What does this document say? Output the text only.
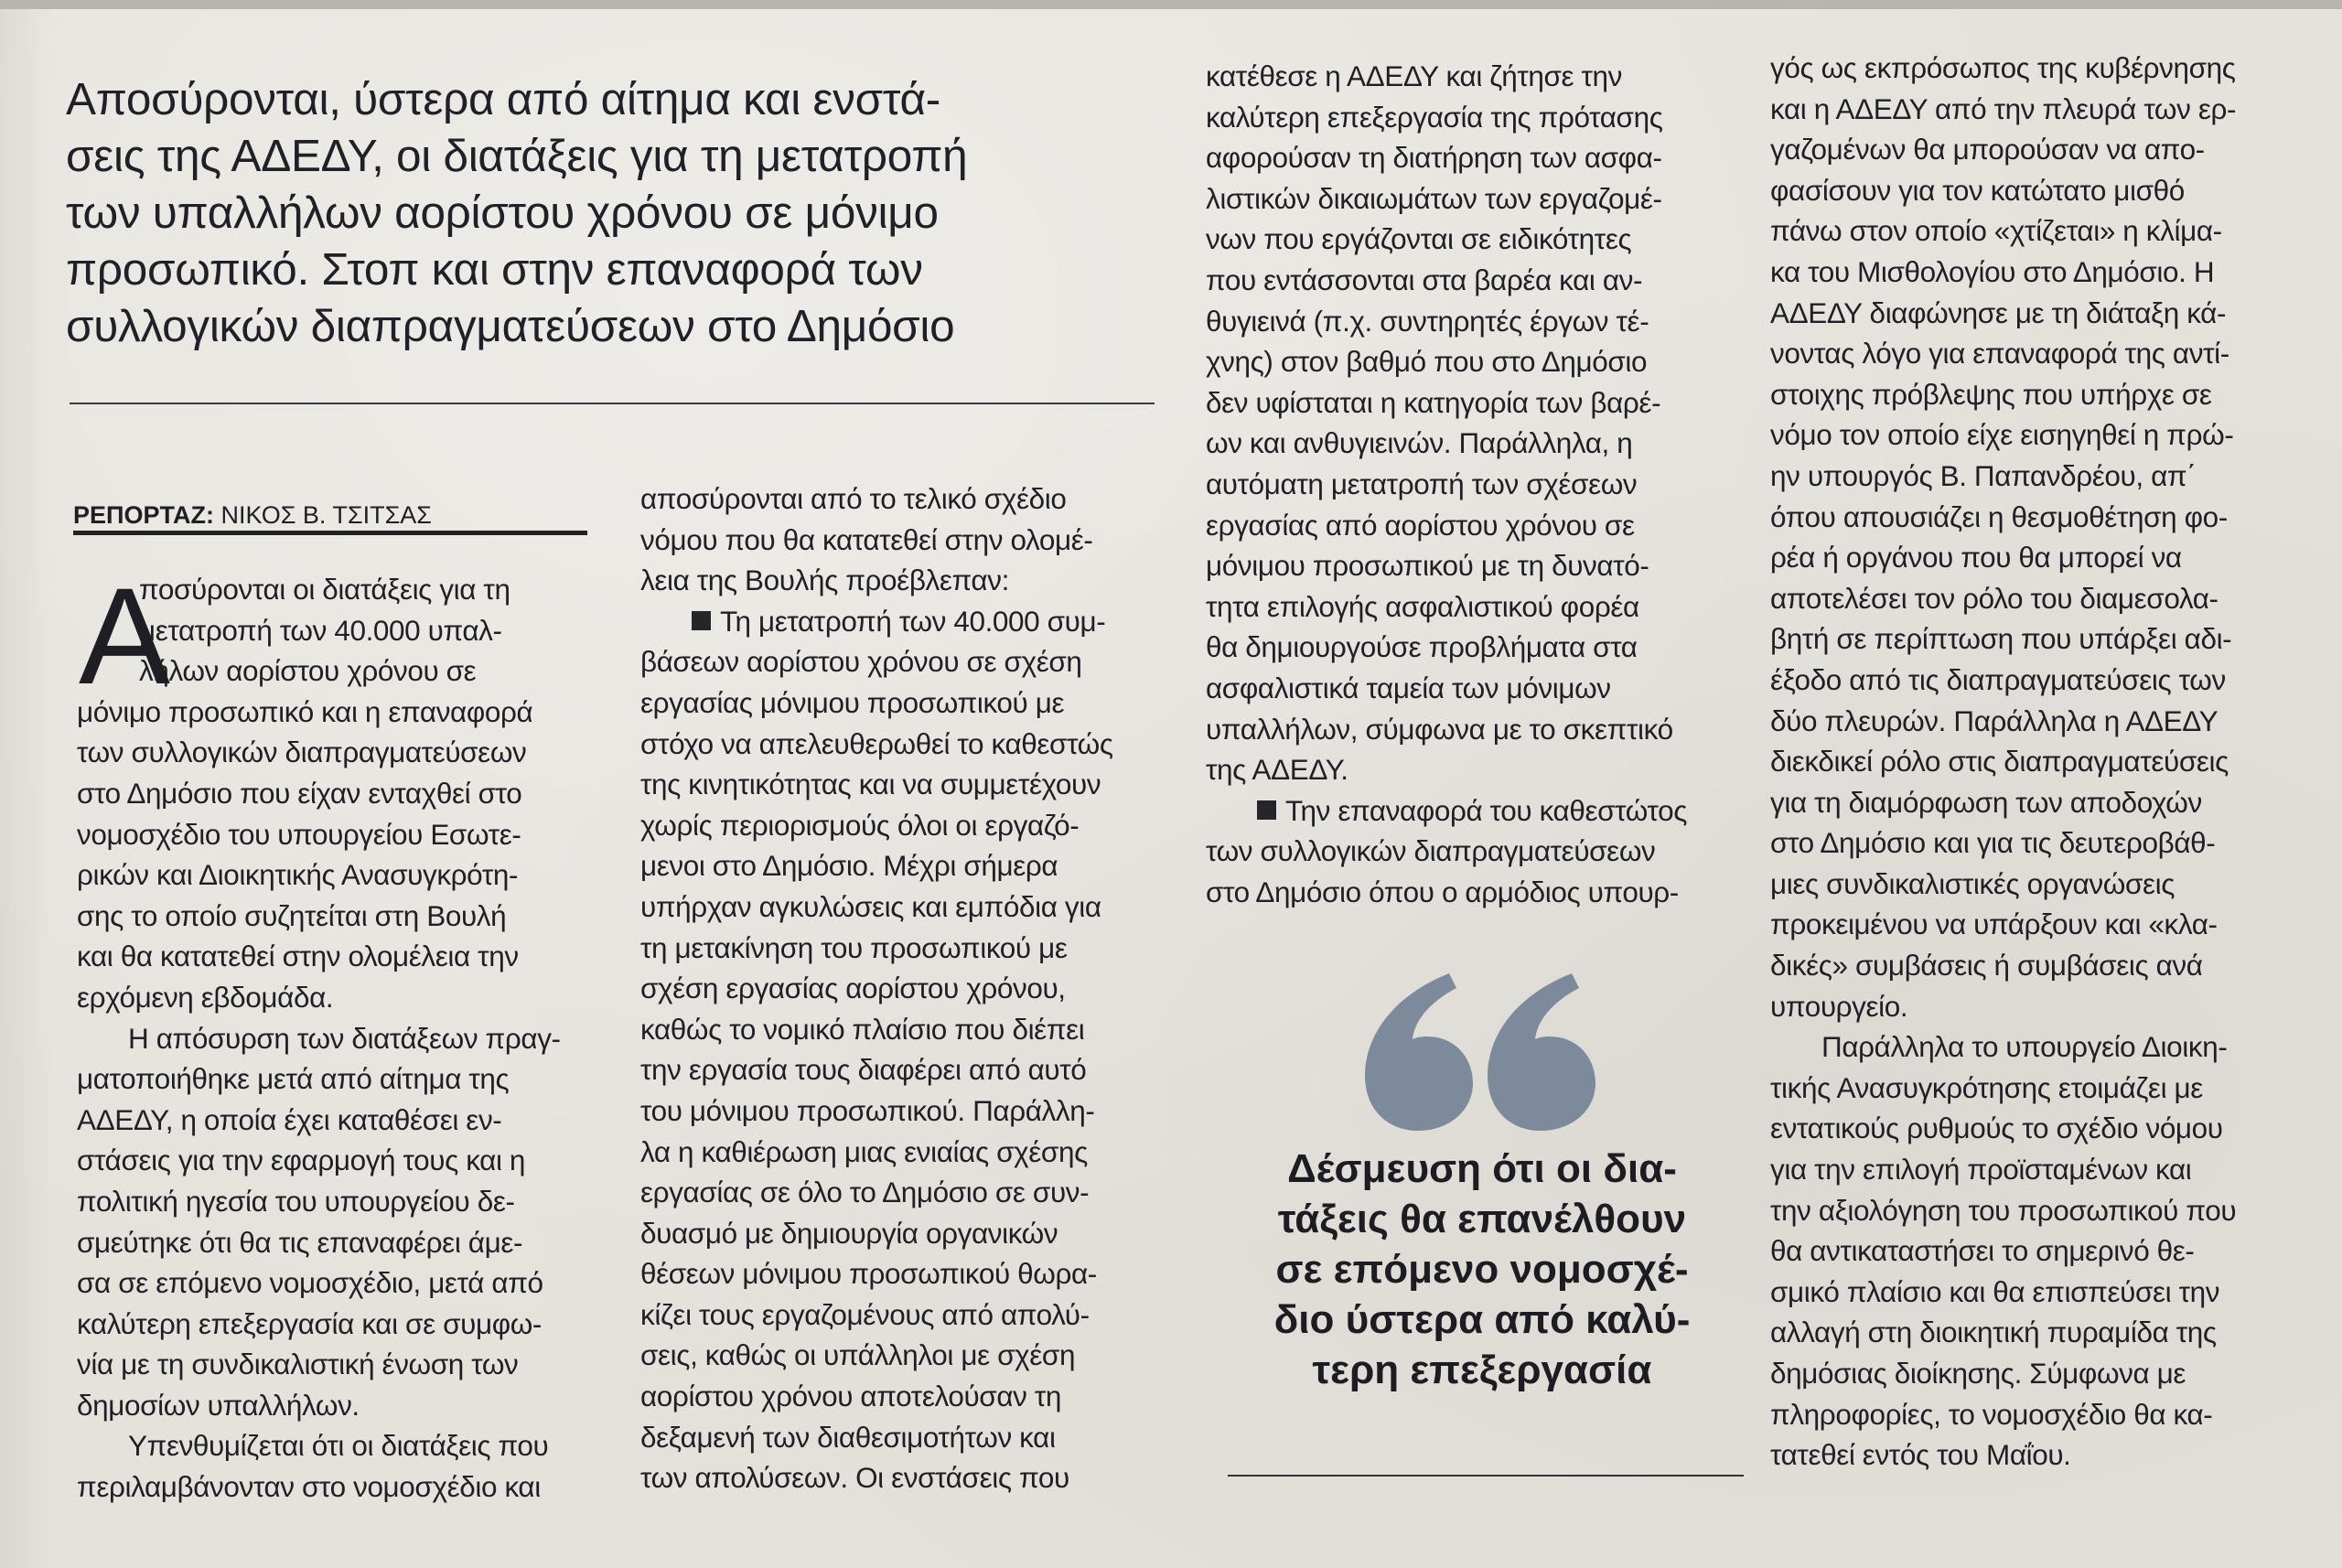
Αποσύρονται, ύστερα από αίτημα και ενστά-
σεις της ΑΔΕΔΥ, οι διατάξεις για τη μετατροπή
των υπαλλήλων αορίστου χρόνου σε μόνιμο
προσωπικό. Στοπ και στην επαναφορά των
συλλογικών διαπραγματεύσεων στο Δημόσιο
ΡΕΠΟΡΤΑΖ: ΝΙΚΟΣ Β. ΤΣΙΤΣΑΣ
Α
ποσύρονται οι διατάξεις για τη
μετατροπή των 40.000 υπαλ-
λήλων αορίστου χρόνου σε
μόνιμο προσωπικό και η επαναφορά
των συλλογικών διαπραγματεύσεων
στο Δημόσιο που είχαν ενταχθεί στο
νομοσχέδιο του υπουργείου Εσωτε-
ρικών και Διοικητικής Ανασυγκρότη-
σης το οποίο συζητείται στη Βουλή
και θα κατατεθεί στην ολομέλεια την
ερχόμενη εβδομάδα.
Η απόσυρση των διατάξεων πραγ-
ματοποιήθηκε μετά από αίτημα της
ΑΔΕΔΥ, η οποία έχει καταθέσει εν-
στάσεις για την εφαρμογή τους και η
πολιτική ηγεσία του υπουργείου δε-
σμεύτηκε ότι θα τις επαναφέρει άμε-
σα σε επόμενο νομοσχέδιο, μετά από
καλύτερη επεξεργασία και σε συμφω-
νία με τη συνδικαλιστική ένωση των
δημοσίων υπαλλήλων.
Υπενθυμίζεται ότι οι διατάξεις που
περιλαμβάνονταν στο νομοσχέδιο και
αποσύρονται από το τελικό σχέδιο
νόμου που θα κατατεθεί στην ολομέ-
λεια της Βουλής προέβλεπαν:
Τη μετατροπή των 40.000 συμ-
βάσεων αορίστου χρόνου σε σχέση
εργασίας μόνιμου προσωπικού με
στόχο να απελευθερωθεί το καθεστώς
της κινητικότητας και να συμμετέχουν
χωρίς περιορισμούς όλοι οι εργαζό-
μενοι στο Δημόσιο. Μέχρι σήμερα
υπήρχαν αγκυλώσεις και εμπόδια για
τη μετακίνηση του προσωπικού με
σχέση εργασίας αορίστου χρόνου,
καθώς το νομικό πλαίσιο που διέπει
την εργασία τους διαφέρει από αυτό
του μόνιμου προσωπικού. Παράλλη-
λα η καθιέρωση μιας ενιαίας σχέσης
εργασίας σε όλο το Δημόσιο σε συν-
δυασμό με δημιουργία οργανικών
θέσεων μόνιμου προσωπικού θωρα-
κίζει τους εργαζομένους από απολύ-
σεις, καθώς οι υπάλληλοι με σχέση
αορίστου χρόνου αποτελούσαν τη
δεξαμενή των διαθεσιμοτήτων και
των απολύσεων. Οι ενστάσεις που
κατέθεσε η ΑΔΕΔΥ και ζήτησε την
καλύτερη επεξεργασία της πρότασης
αφορούσαν τη διατήρηση των ασφα-
λιστικών δικαιωμάτων των εργαζομέ-
νων που εργάζονται σε ειδικότητες
που εντάσσονται στα βαρέα και αν-
θυγιεινά (π.χ. συντηρητές έργων τέ-
χνης) στον βαθμό που στο Δημόσιο
δεν υφίσταται η κατηγορία των βαρέ-
ων και ανθυγιεινών. Παράλληλα, η
αυτόματη μετατροπή των σχέσεων
εργασίας από αορίστου χρόνου σε
μόνιμου προσωπικού με τη δυνατό-
τητα επιλογής ασφαλιστικού φορέα
θα δημιουργούσε προβλήματα στα
ασφαλιστικά ταμεία των μόνιμων
υπαλλήλων, σύμφωνα με το σκεπτικό
της ΑΔΕΔΥ.
Την επαναφορά του καθεστώτος
των συλλογικών διαπραγματεύσεων
στο Δημόσιο όπου ο αρμόδιος υπουρ-
Δέσμευση ότι οι δια-
τάξεις θα επανέλθουν
σε επόμενο νομοσχέ-
διο ύστερα από καλύ-
τερη επεξεργασία
γός ως εκπρόσωπος της κυβέρνησης
και η ΑΔΕΔΥ από την πλευρά των ερ-
γαζομένων θα μπορούσαν να απο-
φασίσουν για τον κατώτατο μισθό
πάνω στον οποίο «χτίζεται» η κλίμα-
κα του Μισθολογίου στο Δημόσιο. Η
ΑΔΕΔΥ διαφώνησε με τη διάταξη κά-
νοντας λόγο για επαναφορά της αντί-
στοιχης πρόβλεψης που υπήρχε σε
νόμο τον οποίο είχε εισηγηθεί η πρώ-
ην υπουργός Β. Παπανδρέου, απ΄
όπου απουσιάζει η θεσμοθέτηση φο-
ρέα ή οργάνου που θα μπορεί να
αποτελέσει τον ρόλο του διαμεσολα-
βητή σε περίπτωση που υπάρξει αδι-
έξοδο από τις διαπραγματεύσεις των
δύο πλευρών. Παράλληλα η ΑΔΕΔΥ
διεκδικεί ρόλο στις διαπραγματεύσεις
για τη διαμόρφωση των αποδοχών
στο Δημόσιο και για τις δευτεροβάθ-
μιες συνδικαλιστικές οργανώσεις
προκειμένου να υπάρξουν και «κλα-
δικές» συμβάσεις ή συμβάσεις ανά
υπουργείο.
Παράλληλα το υπουργείο Διοικη-
τικής Ανασυγκρότησης ετοιμάζει με
εντατικούς ρυθμούς το σχέδιο νόμου
για την επιλογή προϊσταμένων και
την αξιολόγηση του προσωπικού που
θα αντικαταστήσει το σημερινό θε-
σμικό πλαίσιο και θα επισπεύσει την
αλλαγή στη διοικητική πυραμίδα της
δημόσιας διοίκησης. Σύμφωνα με
πληροφορίες, το νομοσχέδιο θα κα-
τατεθεί εντός του Μαΐου.
